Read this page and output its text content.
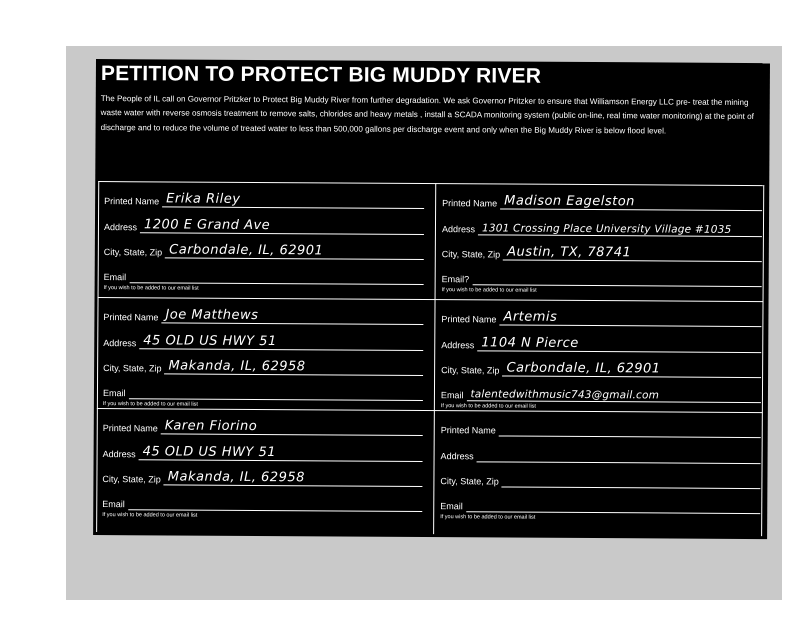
PETITION TO PROTECT BIG MUDDY RIVER
The People of IL call on Governor Pritzker to Protect Big Muddy River from further degradation. We ask Governor Pritzker to ensure that Williamson Energy LLC pre- treat the mining waste water with reverse osmosis treatment to remove salts, chlorides and heavy metals , install a SCADA monitoring system (public on-line, real time water monitoring) at the point of discharge and to reduce the volume of treated water to less than 500,000 gallons per discharge event and only when the Big Muddy River is below flood level.
Printed Name Erika Riley
Address 1200 E Grand Ave
City, State, Zip Carbondale, IL, 62901
Email
If you wish to be added to our email list
Printed Name Madison Eagelston
Address 1301 Crossing Place University Village #1035
City, State, Zip Austin, TX, 78741
Email?
If you wish to be added to our email list
Printed Name Joe Matthews
Address 45 OLD US HWY 51
City, State, Zip Makanda, IL, 62958
Email
If you wish to be added to our email list
Printed Name Artemis
Address 1104 N Pierce
City, State, Zip Carbondale, IL, 62901
Email talentedwithmusic743@gmail.com
If you wish to be added to our email list
Printed Name Karen Fiorino
Address 45 OLD US HWY 51
City, State, Zip Makanda, IL, 62958
Email
If you wish to be added to our email list
Printed Name
Address
City, State, Zip
Email
If you wish to be added to our email list
